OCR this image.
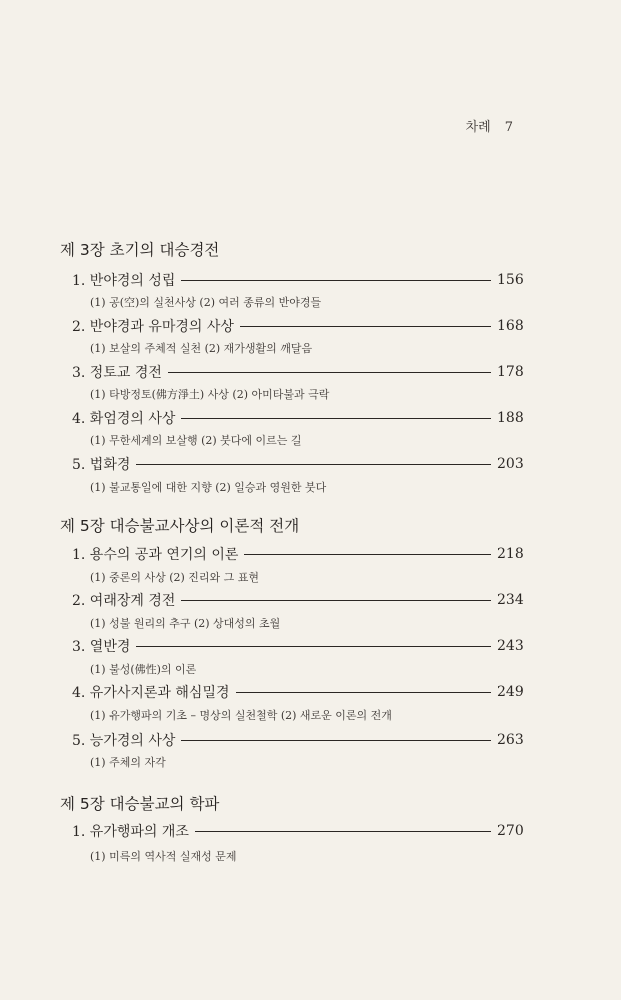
차례 7
제 3장 초기의 대승경전
1. 반야경의 성립	156
(1) 공(空)의 실천사상 (2) 여러 종류의 반야경들
2. 반야경과 유마경의 사상	168
(1) 보살의 주체적 실천 (2) 재가생활의 깨달음
3. 정토교 경전	178
(1) 타방정토(佛方淨土) 사상 (2) 아미타불과 극락
4. 화엄경의 사상	188
(1) 무한세계의 보살행 (2) 붓다에 이르는 길
5. 법화경	203
(1) 불교통일에 대한 지향 (2) 일승과 영원한 붓다
제 5장 대승불교사상의 이론적 전개
1. 용수의 공과 연기의 이론	218
(1) 중론의 사상 (2) 진리와 그 표현
2. 여래장계 경전	234
(1) 성불 원리의 추구 (2) 상대성의 초월
3. 열반경	243
(1) 불성(佛性)의 이론
4. 유가사지론과 해심밀경	249
(1) 유가행파의 기초 – 명상의 실천철학 (2) 새로운 이론의 전개
5. 능가경의 사상	263
(1) 주체의 자각
제 5장 대승불교의 학파
1. 유가행파의 개조	270
(1) 미륵의 역사적 실재성 문제
